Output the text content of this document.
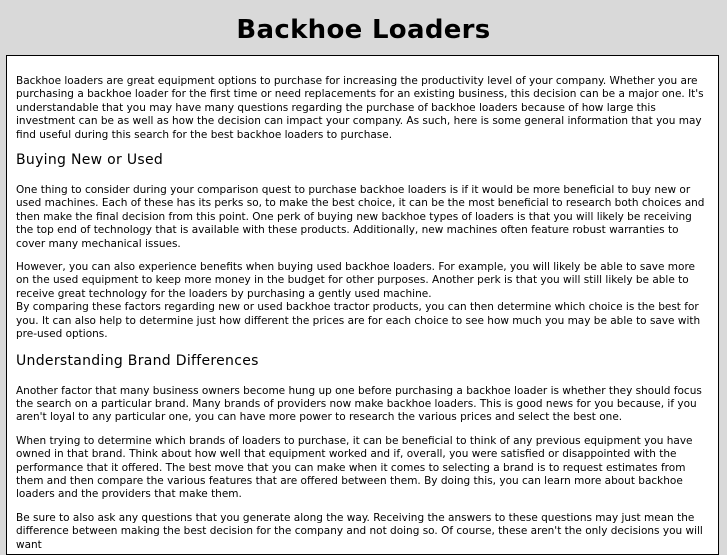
Backhoe Loaders

Backhoe loaders are great equipment options to purchase for increasing the productivity level of your company. Whether you are purchasing a backhoe loader for the first time or need replacements for an existing business, this decision can be a major one. It's understandable that you may have many questions regarding the purchase of backhoe loaders because of how large this investment can be as well as how the decision can impact your company. As such, here is some general information that you may find useful during this search for the best backhoe loaders to purchase.

Buying New or Used

One thing to consider during your comparison quest to purchase backhoe loaders is if it would be more beneficial to buy new or used machines. Each of these has its perks so, to make the best choice, it can be the most beneficial to research both choices and then make the final decision from this point. One perk of buying new backhoe types of loaders is that you will likely be receiving the top end of technology that is available with these products. Additionally, new machines often feature robust warranties to cover many mechanical issues.

However, you can also experience benefits when buying used backhoe loaders. For example, you will likely be able to save more on the used equipment to keep more money in the budget for other purposes. Another perk is that you will still likely be able to receive great technology for the loaders by purchasing a gently used machine.

By comparing these factors regarding new or used backhoe tractor products, you can then determine which choice is the best for you. It can also help to determine just how different the prices are for each choice to see how much you may be able to save with pre-used options.

Understanding Brand Differences

Another factor that many business owners become hung up one before purchasing a backhoe loader is whether they should focus the search on a particular brand. Many brands of providers now make backhoe loaders. This is good news for you because, if you aren't loyal to any particular one, you can have more power to research the various prices and select the best one.

When trying to determine which brands of loaders to purchase, it can be beneficial to think of any previous equipment you have owned in that brand. Think about how well that equipment worked and if, overall, you were satisfied or disappointed with the performance that it offered. The best move that you can make when it comes to selecting a brand is to request estimates from them and then compare the various features that are offered between them. By doing this, you can learn more about backhoe loaders and the providers that make them.

Be sure to also ask any questions that you generate along the way. Receiving the answers to these questions may just mean the difference between making the best decision for the company and not doing so. Of course, these aren't the only decisions you will want
